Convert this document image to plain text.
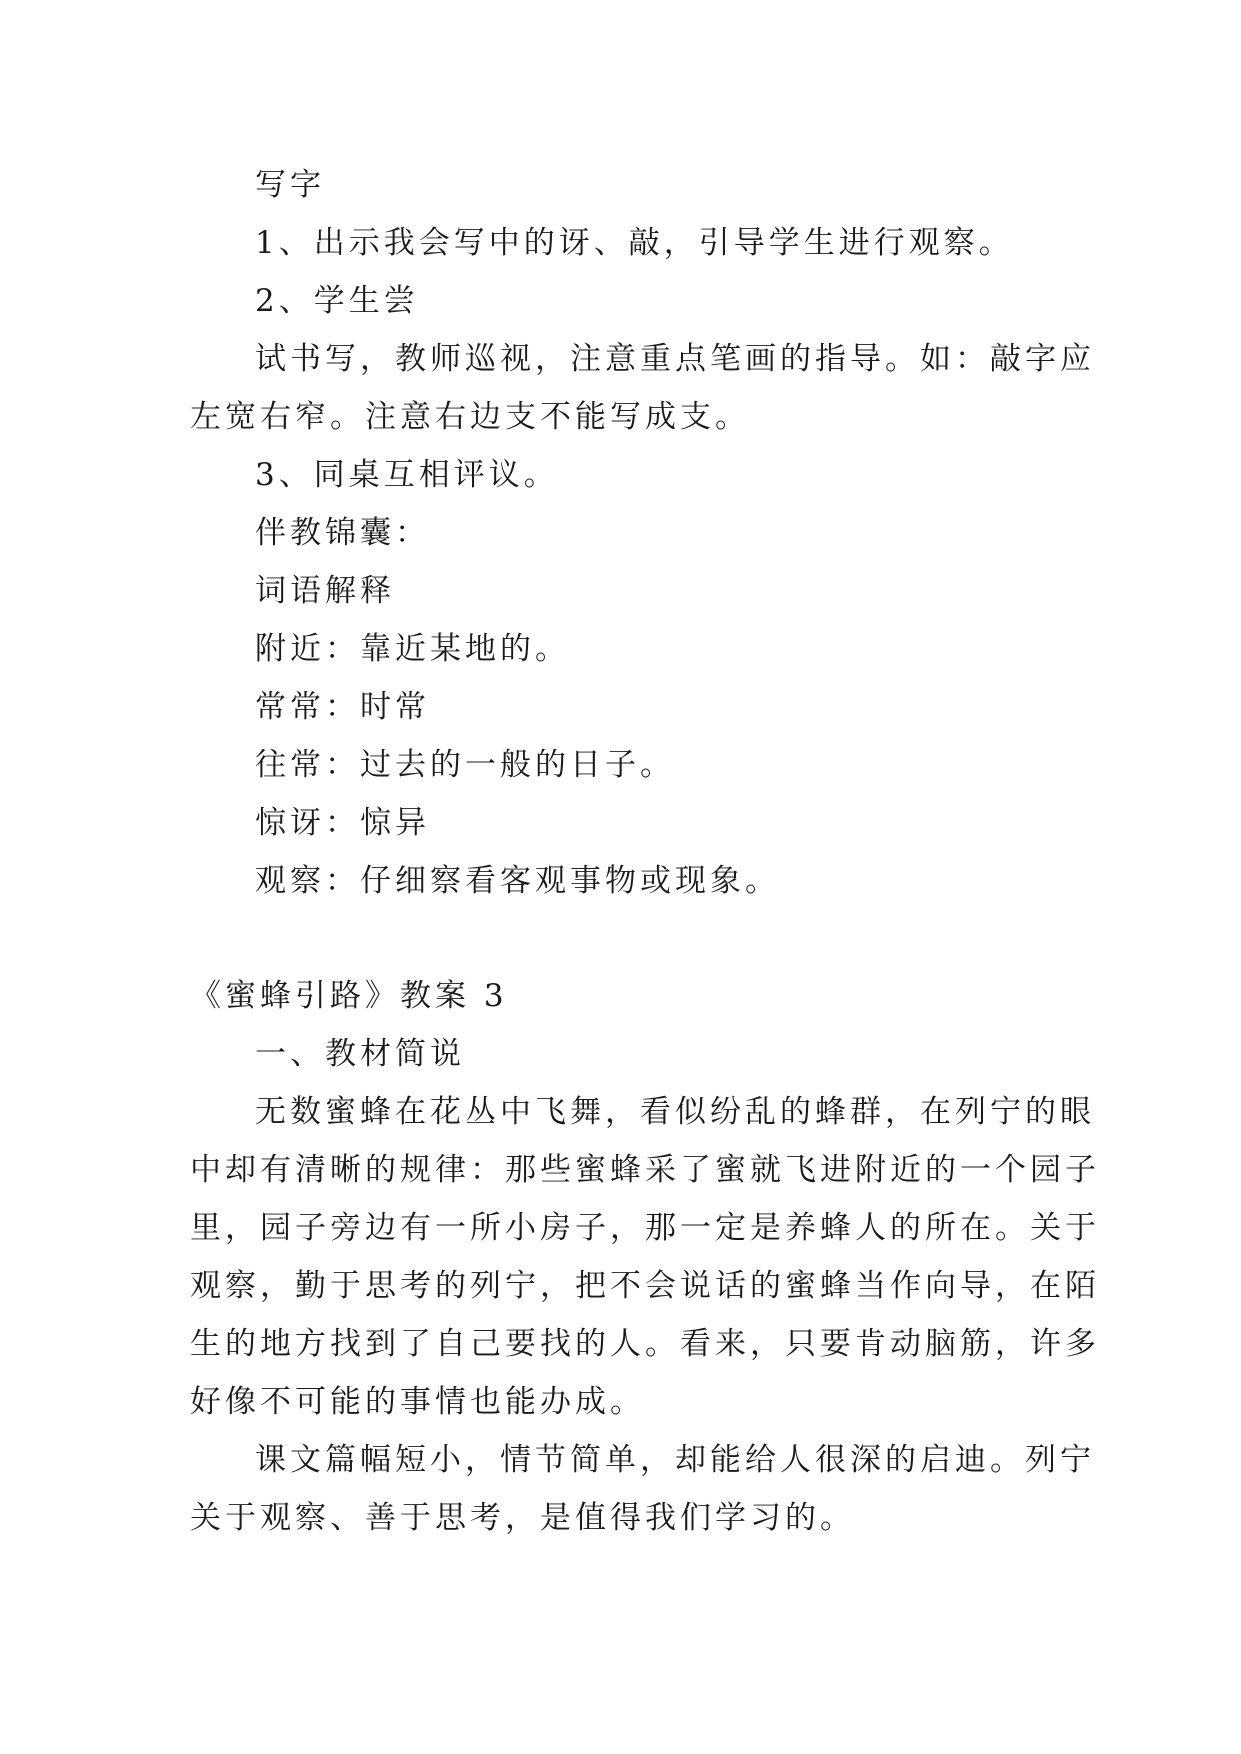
写字
1、出示我会写中的讶、敲，引导学生进行观察。
2、学生尝
试书写，教师巡视，注意重点笔画的指导。如：敲字应
左宽右窄。注意右边支不能写成支。
3、同桌互相评议。
伴教锦囊：
词语解释
附近：靠近某地的。
常常：时常
往常：过去的一般的日子。
惊讶：惊异
观察：仔细察看客观事物或现象。
《蜜蜂引路》教案 3
一、教材简说
无数蜜蜂在花丛中飞舞，看似纷乱的蜂群，在列宁的眼
中却有清晰的规律：那些蜜蜂采了蜜就飞进附近的一个园子
里，园子旁边有一所小房子，那一定是养蜂人的所在。关于
观察，勤于思考的列宁，把不会说话的蜜蜂当作向导，在陌
生的地方找到了自己要找的人。看来，只要肯动脑筋，许多
好像不可能的事情也能办成。
课文篇幅短小，情节简单，却能给人很深的启迪。列宁
关于观察、善于思考，是值得我们学习的。
